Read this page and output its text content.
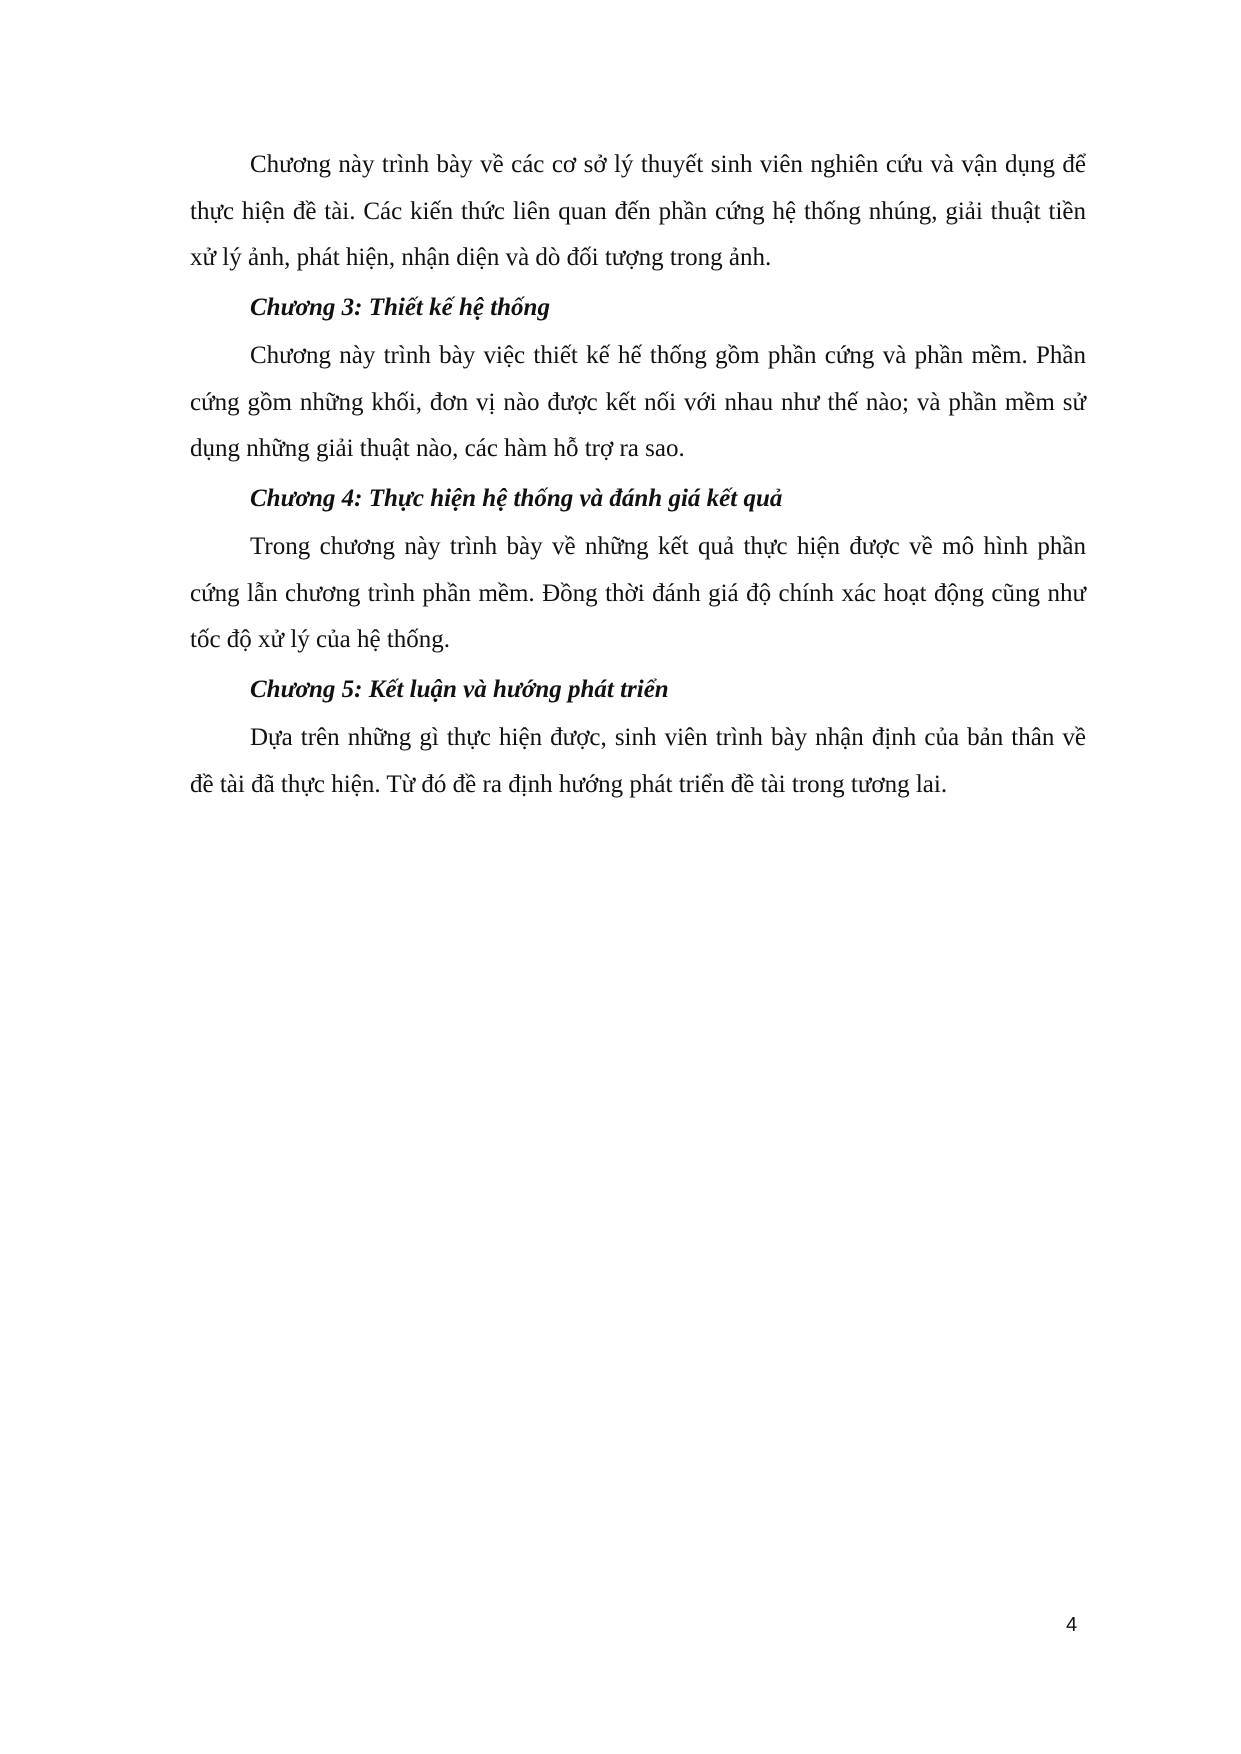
Chương này trình bày về các cơ sở lý thuyết sinh viên nghiên cứu và vận dụng để thực hiện đề tài. Các kiến thức liên quan đến phần cứng hệ thống nhúng, giải thuật tiền xử lý ảnh, phát hiện, nhận diện và dò đối tượng trong ảnh.

Chương 3: Thiết kế hệ thống

Chương này trình bày việc thiết kế hế thống gồm phần cứng và phần mềm. Phần cứng gồm những khối, đơn vị nào được kết nối với nhau như thế nào; và phần mềm sử dụng những giải thuật nào, các hàm hỗ trợ ra sao.

Chương 4: Thực hiện hệ thống và đánh giá kết quả

Trong chương này trình bày về những kết quả thực hiện được về mô hình phần cứng lẫn chương trình phần mềm. Đồng thời đánh giá độ chính xác hoạt động cũng như tốc độ xử lý của hệ thống.

Chương 5: Kết luận và hướng phát triển

Dựa trên những gì thực hiện được, sinh viên trình bày nhận định của bản thân về đề tài đã thực hiện. Từ đó đề ra định hướng phát triển đề tài trong tương lai.

4
